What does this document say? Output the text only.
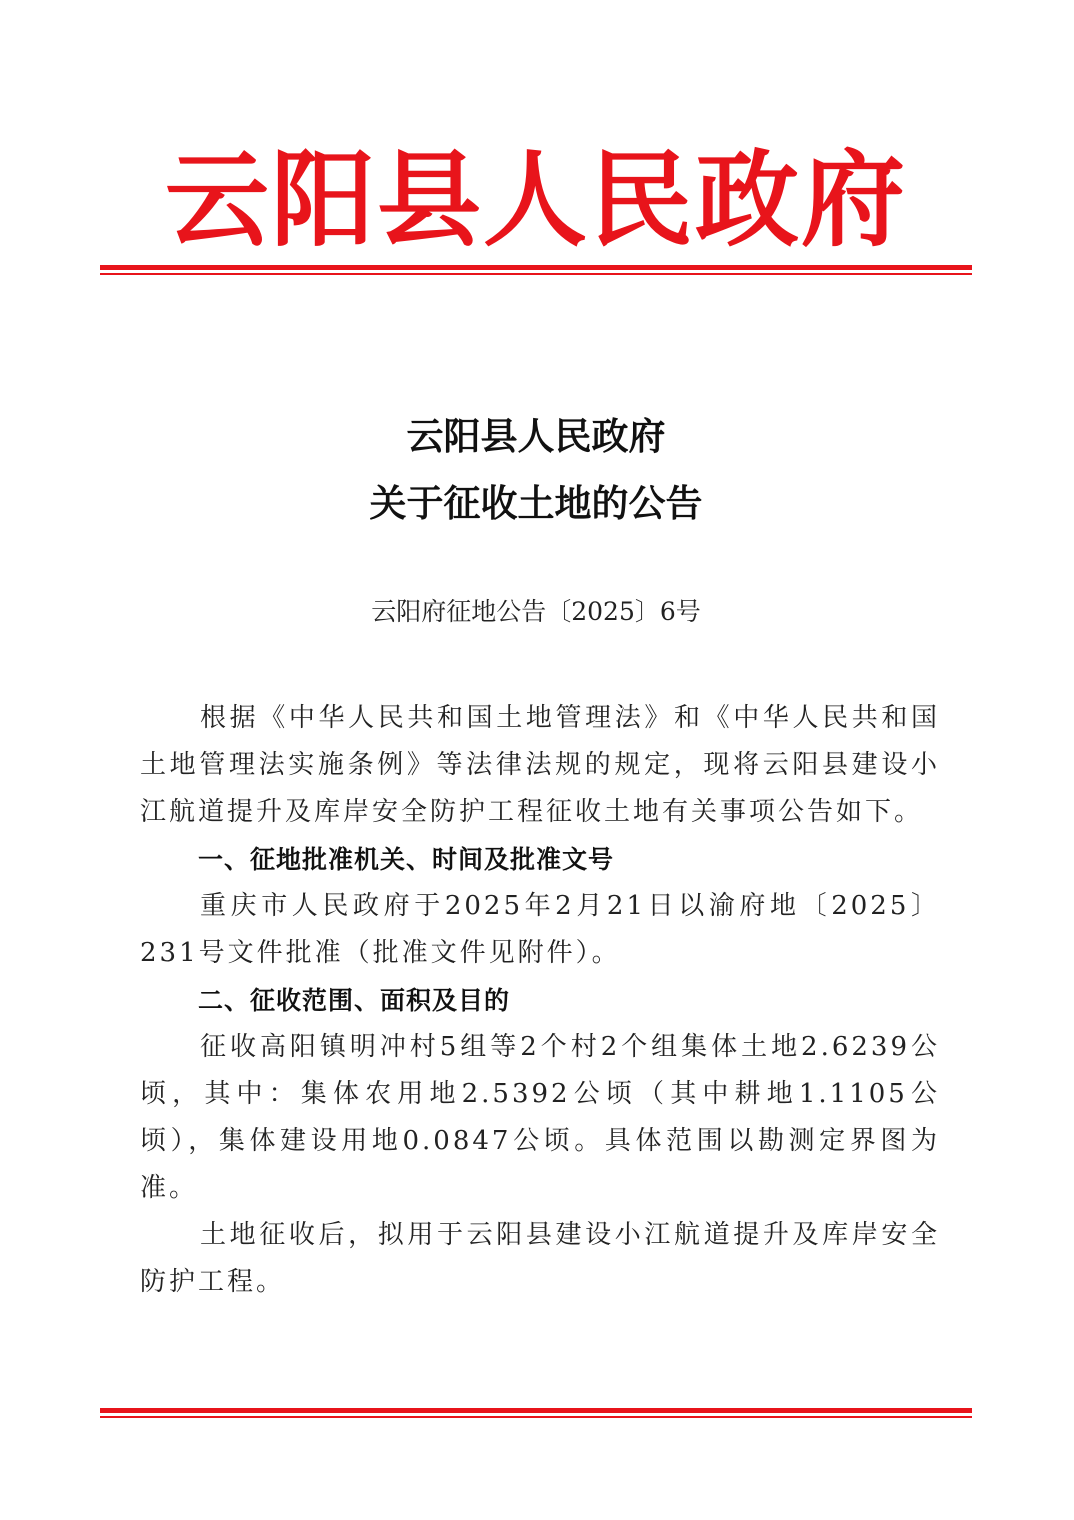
云阳县人民政府
云阳县人民政府
关于征收土地的公告
云阳府征地公告〔2025〕6号

根据《中华人民共和国土地管理法》和《中华人民共和国土地管理法实施条例》等法律法规的规定，现将云阳县建设小江航道提升及库岸安全防护工程征收土地有关事项公告如下。

一、征地批准机关、时间及批准文号

重庆市人民政府于2025年2月21日以渝府地〔2025〕231号文件批准（批准文件见附件）。

二、征收范围、面积及目的

征收高阳镇明冲村5组等2个村2个组集体土地2.6239公顷，其中：集体农用地2.5392公顷（其中耕地1.1105公顷），集体建设用地0.0847公顷。具体范围以勘测定界图为准。

土地征收后，拟用于云阳县建设小江航道提升及库岸安全防护工程。
